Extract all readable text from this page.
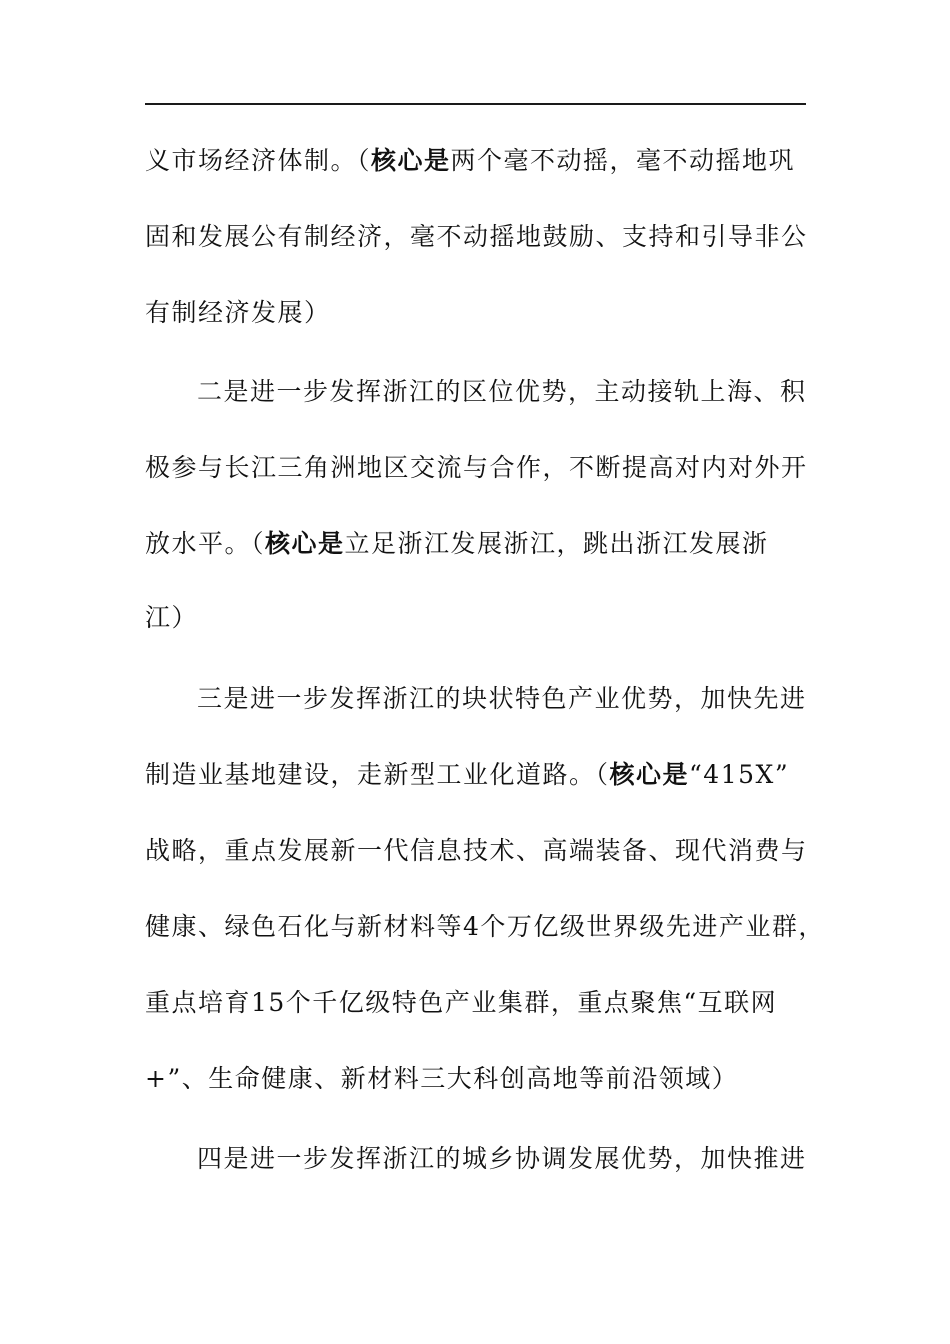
义市场经济体制。（核心是两个毫不动摇，毫不动摇地巩
固和发展公有制经济，毫不动摇地鼓励、支持和引导非公
有制经济发展）
二是进一步发挥浙江的区位优势，主动接轨上海、积
极参与长江三角洲地区交流与合作，不断提高对内对外开
放水平。（核心是立足浙江发展浙江，跳出浙江发展浙
江）
三是进一步发挥浙江的块状特色产业优势，加快先进
制造业基地建设，走新型工业化道路。（核心是“415X”
战略，重点发展新一代信息技术、高端装备、现代消费与
健康、绿色石化与新材料等4个万亿级世界级先进产业群，
重点培育15个千亿级特色产业集群，重点聚焦“互联网
+”、生命健康、新材料三大科创高地等前沿领域）
四是进一步发挥浙江的城乡协调发展优势，加快推进
